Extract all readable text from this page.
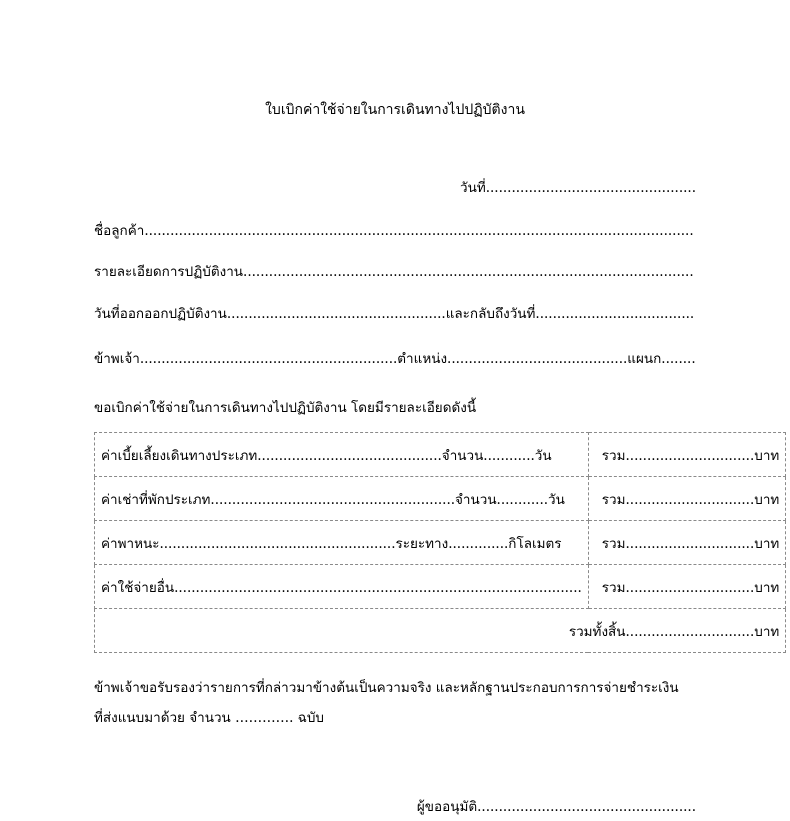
ใบเบิกค่าใช้จ่ายในการเดินทางไปปฏิบัติงาน
วันที่.................................................
ชื่อลูกค้า................................................................................................................................
รายละเอียดการปฏิบัติงาน.........................................................................................................
วันที่ออกออกปฏิบัติงาน...................................................และกลับถึงวันที่.....................................
ข้าพเจ้า............................................................ตำแหน่ง..........................................แผนก........
ขอเบิกค่าใช้จ่ายในการเดินทางไปปฏิบัติงาน โดยมีรายละเอียดดังนี้
ค่าเบี้ยเลี้ยงเดินทางประเภท...........................................จำนวน............วัน	รวม..............................บาท
ค่าเช่าที่พักประเภท.........................................................จำนวน............วัน	รวม..............................บาท
ค่าพาหนะ.......................................................ระยะทาง..............กิโลเมตร	รวม..............................บาท
ค่าใช้จ่ายอื่น...............................................................................................	รวม..............................บาท
รวมทั้งสิ้น..............................บาท	
ข้าพเจ้าขอรับรองว่ารายการที่กล่าวมาข้างต้นเป็นความจริง และหลักฐานประกอบการการจ่ายชำระเงิน
ที่ส่งแนบมาด้วย จำนวน …………. ฉบับ
ผู้ขออนุมัติ...................................................
